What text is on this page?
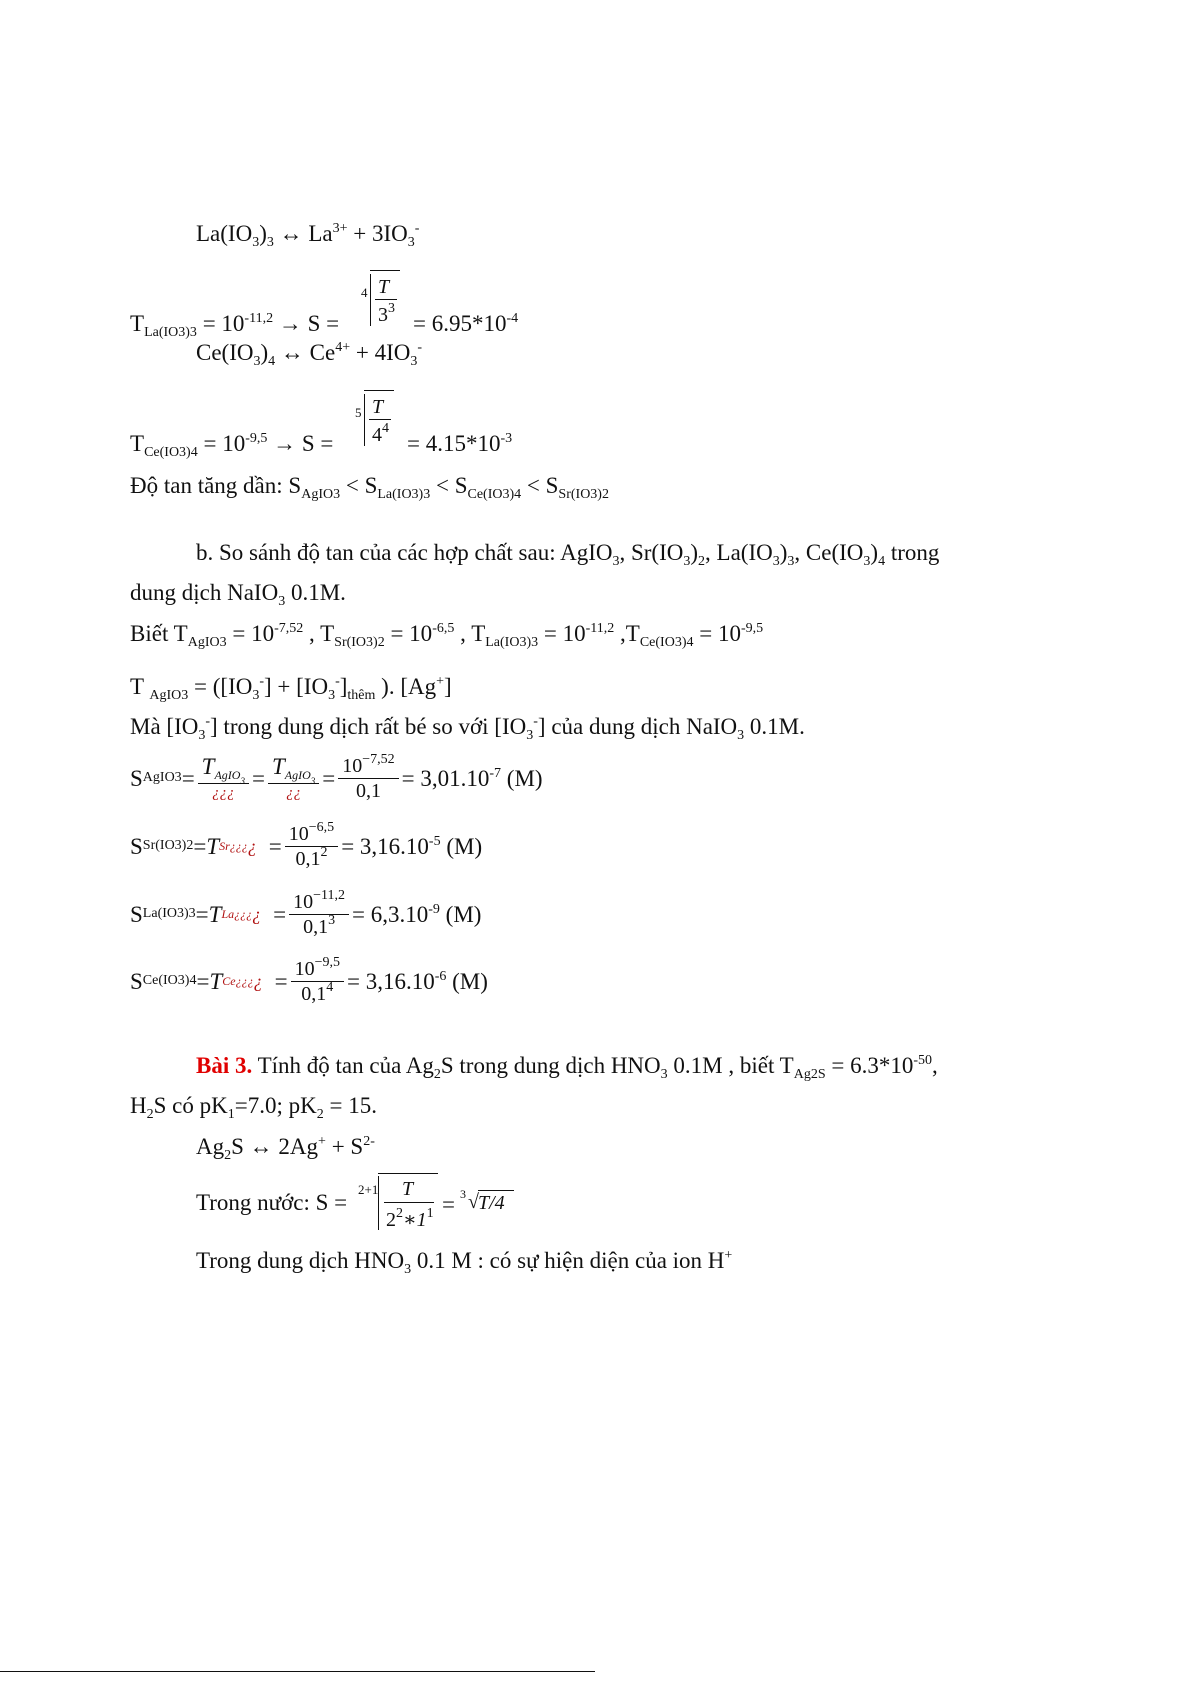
$La(IO_3)_3$ ↔ $La^{3+} + 3IO_3^-$
$T_{La(IO3)3} = 10^{-11,2} \to S$ =
4 T
$3^3$
= $6.95*10^{-4}$
$Ce(IO_3)_4$ ↔ $Ce^{4+} + 4IO_3^-$
$T_{Ce(IO3)4} = 10^{-9,5} \to S$ =
5 T
$4^4$
= $4.15*10^{-3}$
Độ tan tăng dần: $S_{AgIO3} < S_{La(IO3)3} < S_{Ce(IO3)4} < S_{Sr(IO3)2}$
b. So sánh độ tan của các hợp chất sau: AgIO$_3$, $Sr(IO_3)_2$, $La(IO_3)_3$, $Ce(IO_3)_4$ trong
dung dịch NaIO$_3$ 0.1M.
Biết $T_{AgIO3} = 10^{-7,52}$ , $T_{Sr(IO3)2} = 10^{-6,5}$ , $T_{La(IO3)3} = 10^{-11,2}$ $,T_{Ce(IO3)4} = 10^{-9,5}$
T $_{AgIO3} = ([IO_3^-] + [IO_3^-]_{thêm}$ ). [Ag+]
Mà $[IO_3^-]$ trong dung dịch rất bé so với $[IO_3^-]$ của dung dịch NaIO$_3$ 0.1M.
S AgIO3 = $\frac{T_{AgIO_3}}{¿¿¿} = \frac{T_{AgIO_3}}{¿¿} = \frac{10^{-7,52}}{0,1} = 3,01.10^{-7}$ (M)
S Sr(IO3)2 = T Sr¿¿¿ ¿ = $\frac{10^{-6,5}}{0,1^2} = 3,16.10^{-5}$ (M)
S La(IO3)3 = T La¿¿¿ ¿ = $\frac{10^{-11,2}}{0,1^3} = 6,3.10^{-9}$ (M)
S Ce(IO3)4 = T Ce¿¿¿ ¿ = $\frac{10^{-9,5}}{0,1^4} = 3,16.10^{-6}$ (M)
Bài 3. Tính độ tan của $Ag_2S$ trong dung dịch $HNO_3$ 0.1M , biết $T_{Ag2S} = 6.3*10^{-50}$,
$H_2S$ có $pK_1=7.0$; $pK_2 = 15$.
$Ag_2S$ ↔ $2Ag^+ + S^{2-}$
Trong nước: S =
2+1 T
$2^2∗1^1 = 3$ √ T/4
Trong dung dịch $HNO_3$ 0.1 M : có sự hiện diện của ion H+
